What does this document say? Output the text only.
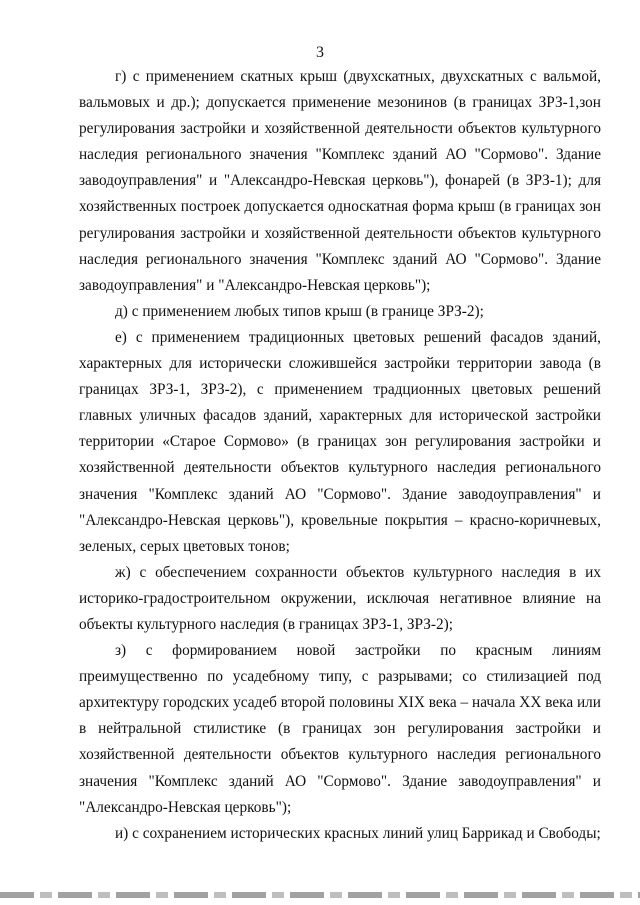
3

г) с применением скатных крыш (двухскатных, двухскатных с вальмой, вальмовых и др.); допускается применение мезонинов (в границах ЗРЗ-1,зон регулирования застройки и хозяйственной деятельности объектов культурного наследия регионального значения "Комплекс зданий АО "Сормово". Здание заводоуправления" и "Александро-Невская церковь"), фонарей (в ЗРЗ-1); для хозяйственных построек допускается односкатная форма крыш (в границах зон регулирования застройки и хозяйственной деятельности объектов культурного наследия регионального значения "Комплекс зданий АО "Сормово". Здание заводоуправления" и "Александро-Невская церковь");

д) с применением любых типов крыш (в границе ЗРЗ-2);

е) с применением традиционных цветовых решений фасадов зданий, характерных для исторически сложившейся застройки территории завода (в границах ЗРЗ-1, ЗРЗ-2), с применением традционных цветовых решений главных уличных фасадов зданий, характерных для исторической застройки территории «Старое Сормово» (в границах зон регулирования застройки и хозяйственной деятельности объектов культурного наследия регионального значения "Комплекс зданий АО "Сормово". Здание заводоуправления" и "Александро-Невская церковь"), кровельные покрытия – красно-коричневых, зеленых, серых цветовых тонов;

ж) с обеспечением сохранности объектов культурного наследия в их историко-градостроительном окружении, исключая негативное влияние на объекты культурного наследия (в границах ЗРЗ-1, ЗРЗ-2);

з) с формированием новой застройки по красным линиям преимущественно по усадебному типу, с разрывами; со стилизацией под архитектуру городских усадеб второй половины XIX века – начала XX века или в нейтральной стилистике (в границах зон регулирования застройки и хозяйственной деятельности объектов культурного наследия регионального значения "Комплекс зданий АО "Сормово". Здание заводоуправления" и "Александро-Невская церковь");

и) с сохранением исторических красных линий улиц Баррикад и Свободы;
